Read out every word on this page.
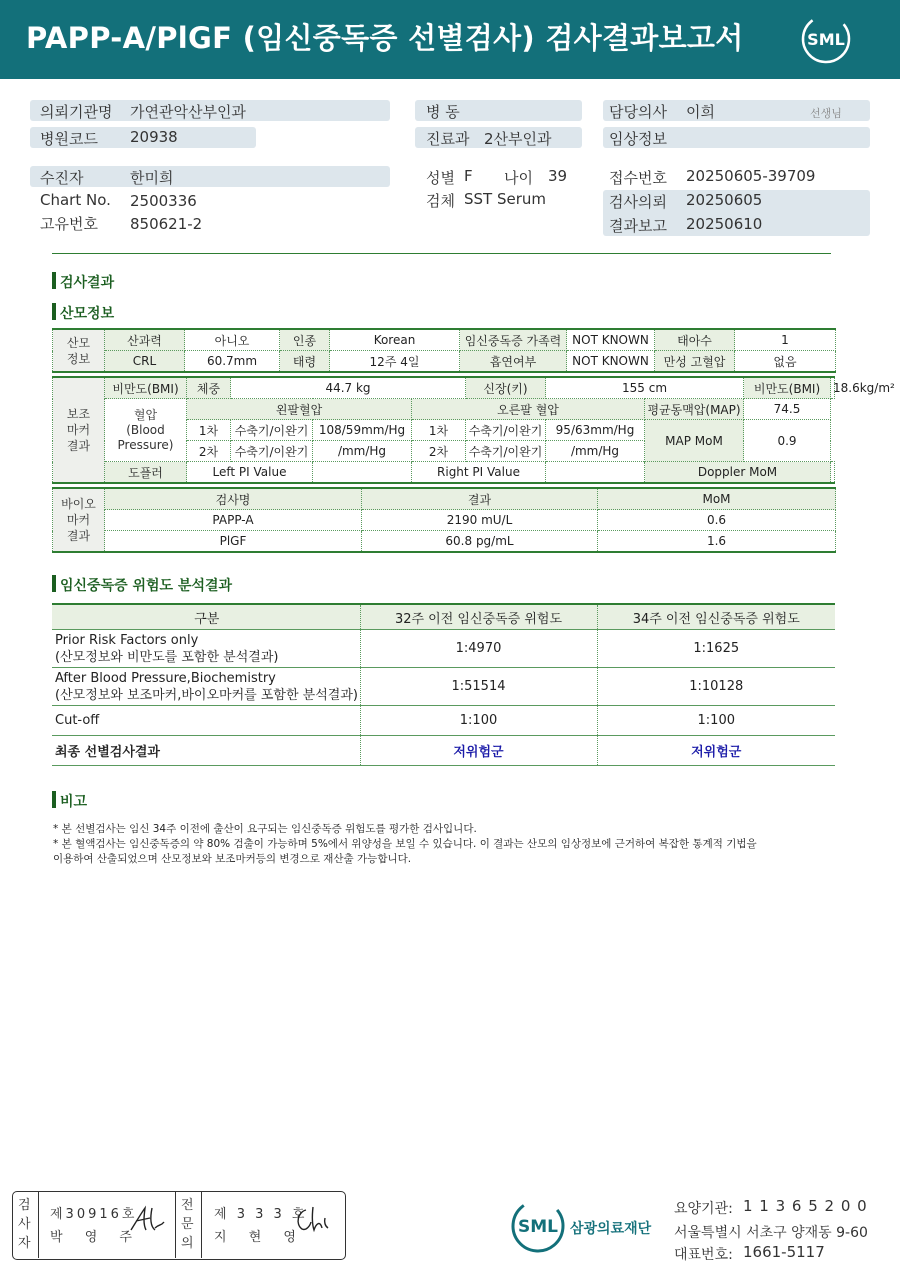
PAPP-A/PlGF (임신중독증 선별검사) 검사결과보고서	SML
의뢰기관명 가연관악산부인과
병원코드 20938
병 동
진료과 2산부인과
담당의사 이희	선생님
임상정보
수진자	한미희
Chart No. 2500336
고유번호 850621-2
성별 F 나이 39
검체 SST Serum
접수번호 20250605-39709
검사의뢰 20250605
결과보고 20250610
검사결과
산모정보
산모
정보	산과력	아니오	인종	Korean	임신중독증 가족력	NOT KNOWN	태아수	1
	CRL	60.7mm	태령	12주 4일	흡연여부	NOT KNOWN	만성 고혈압	없음
보조
마커
결과	비만도(BMI)	체중	44.7 kg			신장(키)	155 cm		비만도(BMI)	18.6kg/m²
	혈압
(Blood
Pressure)	왼팔혈압			오른팔 혈압			평균동맥압(MAP)	74.5	
		1차	수축기/이완기	108/59mm/Hg	1차	수축기/이완기	95/63mm/Hg	MAP MoM	0.9	
		2차	수축기/이완기	/mm/Hg	2차	수축기/이완기	/mm/Hg			
	도플러	Left PI Value			Right PI Value			Doppler MoM		
바이오
마커
결과	검사명	결과	MoM
	PAPP-A	2190 mU/L	0.6
	PlGF	60.8 pg/mL	1.6
임신중독증 위험도 분석결과
구분	32주 이전 임신중독증 위험도	34주 이전 임신중독증 위험도

Prior Risk Factors only
(산모정보와 비만도를 포함한 분석결과)	1:4970	1:1625

After Blood Pressure,Biochemistry
(산모정보와 보조마커,바이오마커를 포함한 분석결과)	1:51514	1:10128
Cut-off	1:100	1:100
최종 선별검사결과	저위험군	저위험군
비고
* 본 선별검사는 임신 34주 이전에 출산이 요구되는 임신중독증 위험도를 평가한 검사입니다.
* 본 혈액검사는 임신중독증의 약 80% 검출이 가능하며 5%에서 위양성을 보일 수 있습니다. 이 결과는 산모의 임상정보에 근거하여 복잡한 통계적 기법을
이용하여 산출되었으며 산모정보와 보조마커등의 변경으로 재산출 가능합니다.
검
사
자
제30916호
박 영 주
전
문
의
제 3 3 3 호
지 현 영
SML 삼광의료재단
요양기관: 1 1 3 6 5 2 0 0
서울특별시 서초구 양재동 9-60
대표번호: 1661-5117
